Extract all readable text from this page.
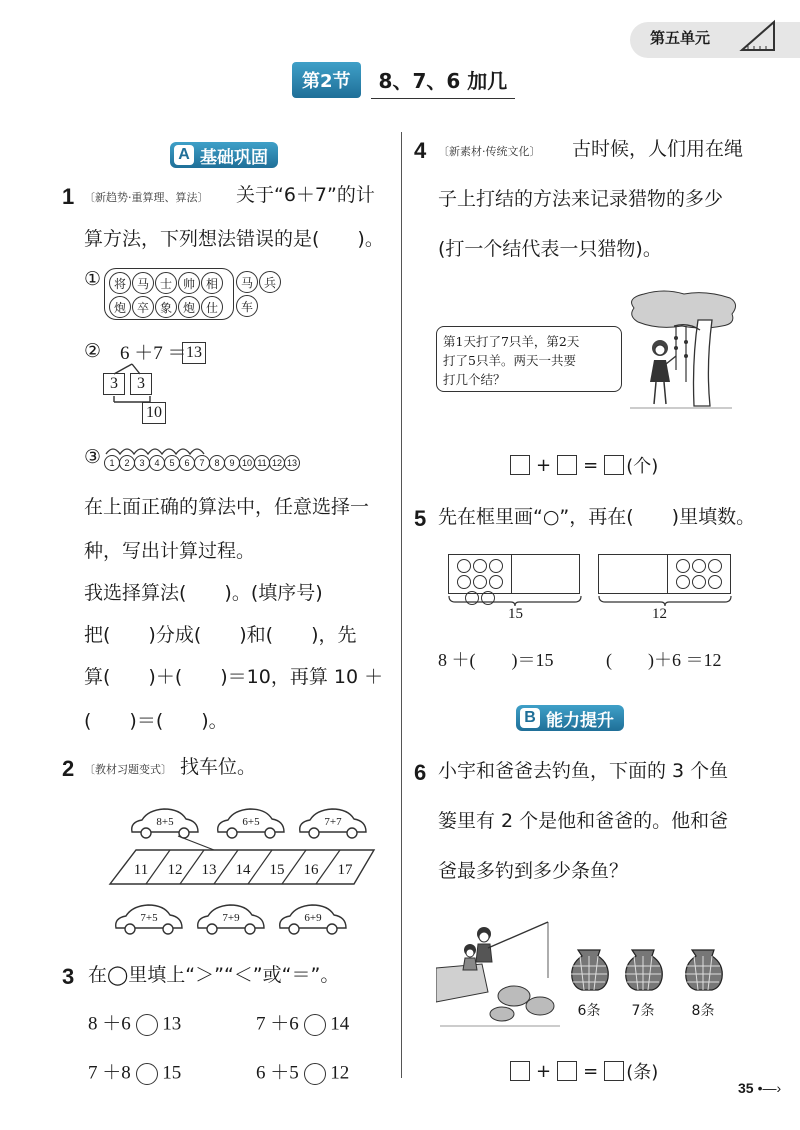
第五单元
第2节	8、7、6 加几
A 基础巩固
1 〔新趋势·重算理、算法〕 关于“6＋7”的计
算方法，下列想法错误的是(　　)。
①	将 马 士 帅 相
炮 卒 象 炮 仕
马 兵
车
② 6 ＋7 ＝ 13
3	3
10
③ 1	2	3	4	5	6	7	8	9 10 11 12 13
在上面正确的算法中，任意选择一
种，写出计算过程。
我选择算法(　　)。(填序号)
把(　　)分成(　　)和(　　)，先
算(　　)＋(　　)＝10，再算 10 ＋
(　　)＝(　　)。
2 〔教材习题变式〕 找车位。
8+5	6+5	7+7
11	12	13	14	15	16	17
7+5	7+9	6+9
3 在◯里填上“＞”“＜”或“＝”。
8 ＋6 13	7 ＋6 14
7 ＋8 15	6 ＋5 12
4 〔新素材·传统文化〕 古时候，人们用在绳
子上打结的方法来记录猎物的多少
(打一个结代表一只猎物)。
第1天打了7只羊，第2天
打了5只羊。两天一共要
打几个结？
+ = (个)
5 先在框里画“○”，再在(　　)里填数。
15	12
8 ＋(　　)＝15	(　　)＋6 ＝12
B 能力提升
6 小宇和爸爸去钓鱼，下面的 3 个鱼
篓里有 2 个是他和爸爸的。他和爸
爸最多钓到多少条鱼？
6条	7条	8条
+ = (条)
35 •—›
